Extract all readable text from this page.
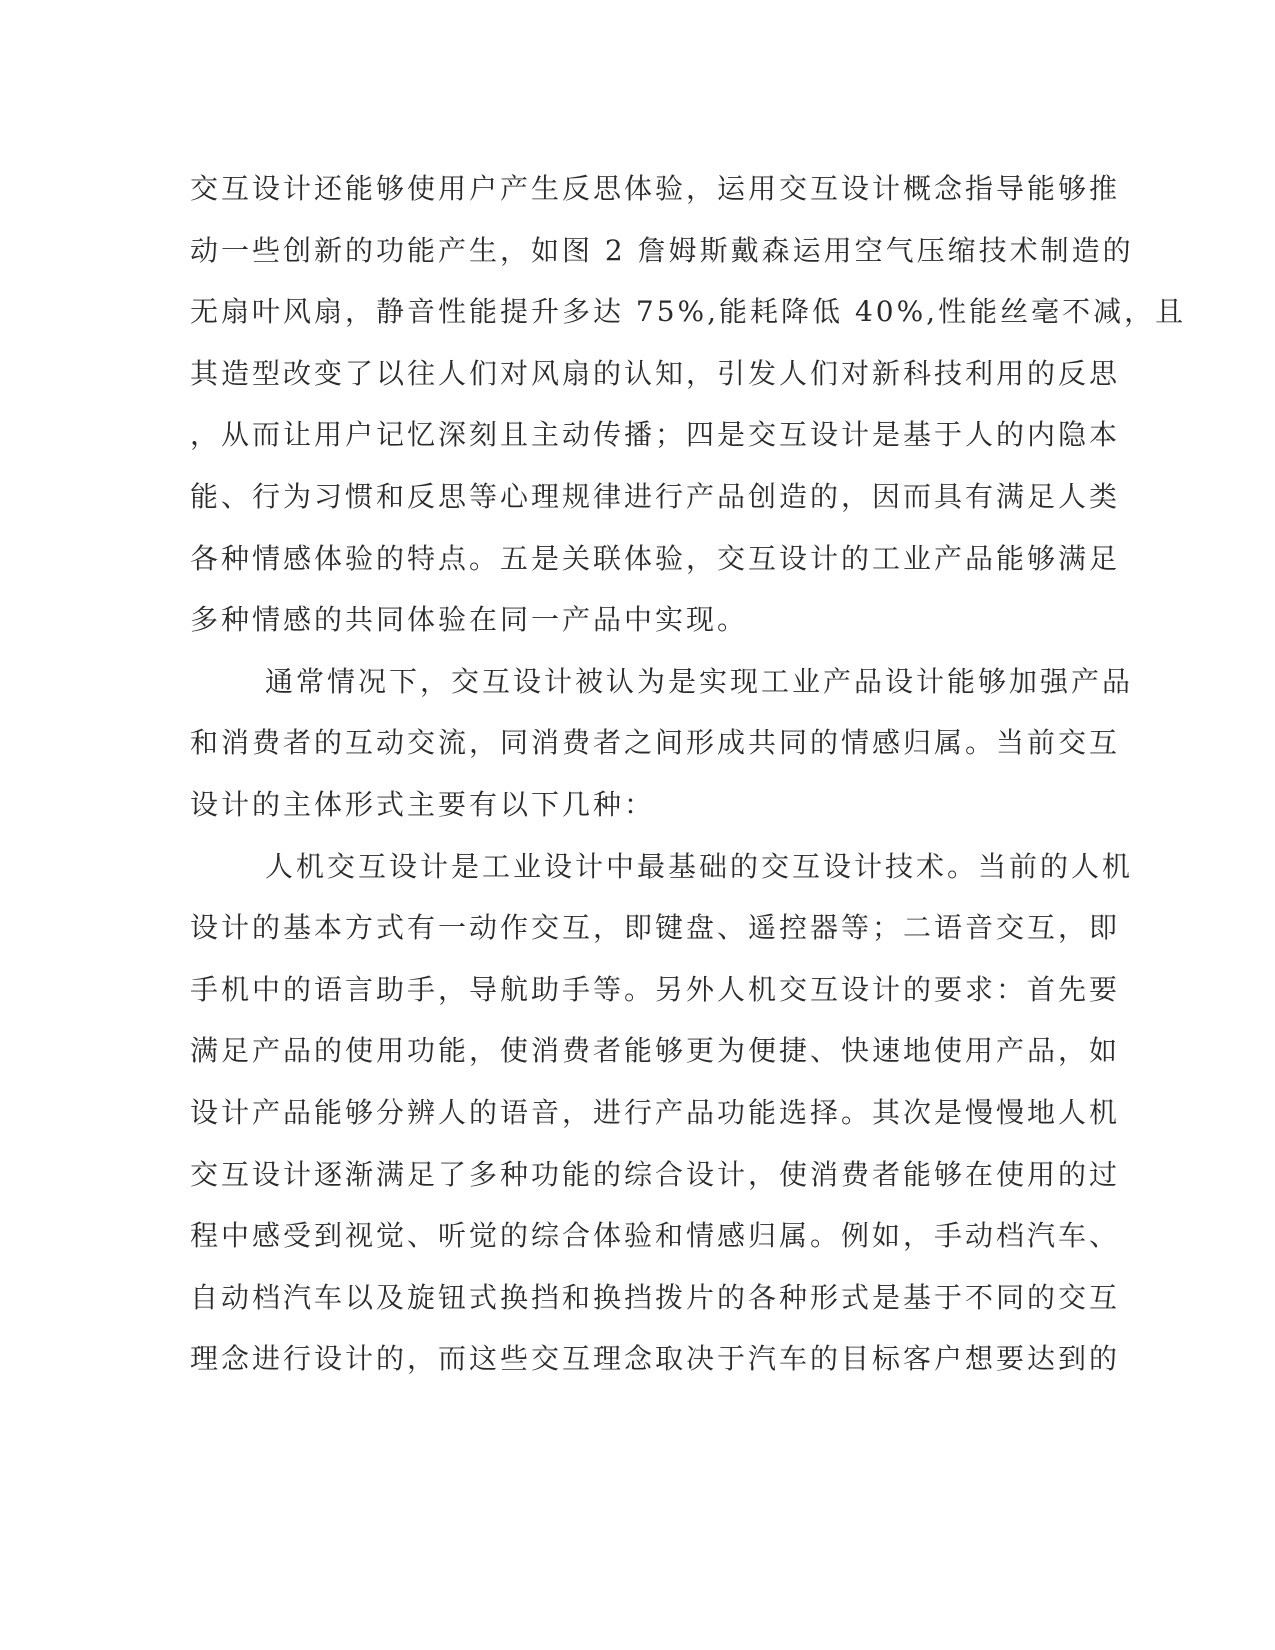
交互设计还能够使用户产生反思体验，运用交互设计概念指导能够推
动一些创新的功能产生，如图 2 詹姆斯戴森运用空气压缩技术制造的
无扇叶风扇，静音性能提升多达 75%,能耗降低 40%,性能丝毫不减，且
其造型改变了以往人们对风扇的认知，引发人们对新科技利用的反思
，从而让用户记忆深刻且主动传播；四是交互设计是基于人的内隐本
能、行为习惯和反思等心理规律进行产品创造的，因而具有满足人类
各种情感体验的特点。五是关联体验，交互设计的工业产品能够满足
多种情感的共同体验在同一产品中实现。
通常情况下，交互设计被认为是实现工业产品设计能够加强产品
和消费者的互动交流，同消费者之间形成共同的情感归属。当前交互
设计的主体形式主要有以下几种：
人机交互设计是工业设计中最基础的交互设计技术。当前的人机
设计的基本方式有一动作交互，即键盘、遥控器等；二语音交互，即
手机中的语言助手，导航助手等。另外人机交互设计的要求：首先要
满足产品的使用功能，使消费者能够更为便捷、快速地使用产品，如
设计产品能够分辨人的语音，进行产品功能选择。其次是慢慢地人机
交互设计逐渐满足了多种功能的综合设计，使消费者能够在使用的过
程中感受到视觉、听觉的综合体验和情感归属。例如，手动档汽车、
自动档汽车以及旋钮式换挡和换挡拨片的各种形式是基于不同的交互
理念进行设计的，而这些交互理念取决于汽车的目标客户想要达到的
